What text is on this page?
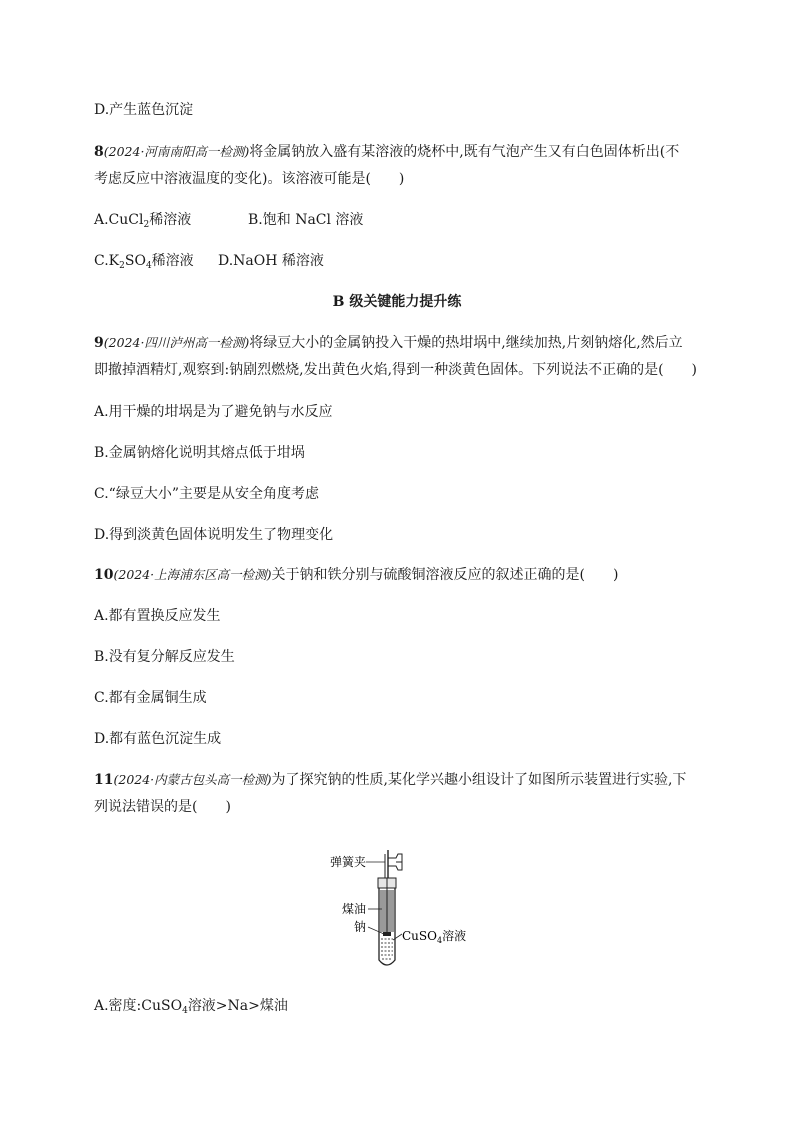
D.产生蓝色沉淀
8(2024·河南南阳高一检测)将金属钠放入盛有某溶液的烧杯中,既有气泡产生又有白色固体析出(不
考虑反应中溶液温度的变化)。该溶液可能是(　　)
A.CuCl$_2$稀溶液	B.饱和 NaCl 溶液
$C.K_2SO_4$稀溶液 D.NaOH 稀溶液
B 级关键能力提升练
9(2024·四川泸州高一检测)将绿豆大小的金属钠投入干燥的热坩埚中,继续加热,片刻钠熔化,然后立
即撤掉酒精灯,观察到:钠剧烈燃烧,发出黄色火焰,得到一种淡黄色固体。下列说法不正确的是(　　)
A.用干燥的坩埚是为了避免钠与水反应
B.金属钠熔化说明其熔点低于坩埚
C.“绿豆大小”主要是从安全角度考虑
D.得到淡黄色固体说明发生了物理变化
10(2024·上海浦东区高一检测)关于钠和铁分别与硫酸铜溶液反应的叙述正确的是(　　)
A.都有置换反应发生
B.没有复分解反应发生
C.都有金属铜生成
D.都有蓝色沉淀生成
11(2024·内蒙古包头高一检测)为了探究钠的性质,某化学兴趣小组设计了如图所示装置进行实验,下
列说法错误的是(　　)
弹簧夹
煤油
钠
CuSO$_4$溶液
A.密度:CuSO$_4$溶液>Na>煤油
